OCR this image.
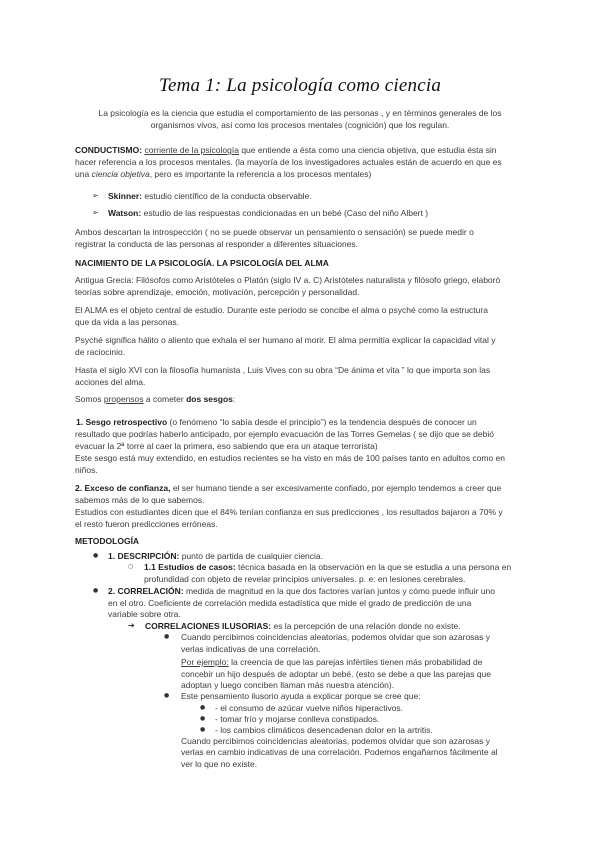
Tema 1: La psicología como ciencia
La psicología es la ciencia que estudia el comportamiento de las personas , y en términos generales de los
organismos vivos, así como los procesos mentales (cognición) que los regulan.
CONDUCTISMO: corriente de la psicología que entiende a ésta como una ciencia objetiva, que estudia ésta sin
hacer referencia a los procesos mentales. (la mayoría de los investigadores actuales están de acuerdo en que es
una ciencia objetiva, pero es importante la referencia a los procesos mentales)
➢ Skinner: estudio científico de la conducta observable.
➢ Watson: estudio de las respuestas condicionadas en un bebé (Caso del niño Albert )
Ambos descartan la introspección ( no se puede observar un pensamiento o sensación) se puede medir o
registrar la conducta de las personas al responder a diferentes situaciones.
NACIMIENTO DE LA PSICOLOGÍA. LA PSICOLOGÍA DEL ALMA
Antigua Grecia: Filósofos como Aristóteles o Platón (siglo IV a. C) Aristóteles naturalista y filósofo griego, elaboró
teorías sobre aprendizaje, emoción, motivación, percepción y personalidad.
El ALMA es el objeto central de estudio. Durante este periodo se concibe el alma o psyché como la estructura
que da vida a las personas.
Psyché significa hálito o aliento que exhala el ser humano al morir. El alma permitía explicar la capacidad vital y
de raciocinio.
Hasta el siglo XVI con la filosofía humanista , Luis Vives con su obra “De ánima et vita ” lo que importa son las
acciones del alma.
Somos propensos a cometer dos sesgos:
1. Sesgo retrospectivo (o fenómeno “lo sabía desde el principio”) es la tendencia después de conocer un
resultado que podrías haberlo anticipado, por ejemplo evacuación de las Torres Gemelas ( se dijo que se debió
evacuar la 2ª torre al caer la primera, eso sabiendo que era un ataque terrorista)
Este sesgo está muy extendido, en estudios recientes se ha visto en más de 100 países tanto en adultos como en
niños.
2. Exceso de confianza, el ser humano tiende a ser excesivamente confiado, por ejemplo tendemos a creer que
sabemos más de lo que sabemos.
Estudios con estudiantes dicen que el 84% tenían confianza en sus predicciones , los resultados bajaron a 70% y
el resto fueron predicciones erróneas.
METODOLOGÍA
● 1. DESCRIPCIÓN: punto de partida de cualquier ciencia.
○ 1.1 Estudios de casos: técnica basada en la observación en la que se estudia a una persona en
profundidad con objeto de revelar principios universales. p. e: en lesiones cerebrales.
● 2. CORRELACIÓN: medida de magnitud en la que dos factores varían juntos y cómo puede influir uno
en el otro. Coeficiente de correlación medida estadística que mide el grado de predicción de una
variable sobre otra.
➔ CORRELACIONES ILUSORIAS: es la percepción de una relación donde no existe.
● Cuando percibimos coincidencias aleatorias, podemos olvidar que son azarosas y
verlas indicativas de una correlación.
Por ejemplo: la creencia de que las parejas infértiles tienen más probabilidad de
concebir un hijo después de adoptar un bebé. (esto se debe a que las parejas que
adoptan y luego conciben llaman más nuestra atención).
● Este pensamiento ilusorio ayuda a explicar porque se cree que:
● - el consumo de azúcar vuelve niños hiperactivos.
● - tomar frío y mojarse conlleva constipados.
● - los cambios climáticos desencadenan dolor en la artritis.
Cuando percibimos coincidencias aleatorias, podemos olvidar que son azarosas y
verlas en cambio indicativas de una correlación. Podemos engañarnos fácilmente al
ver lo que no existe.
